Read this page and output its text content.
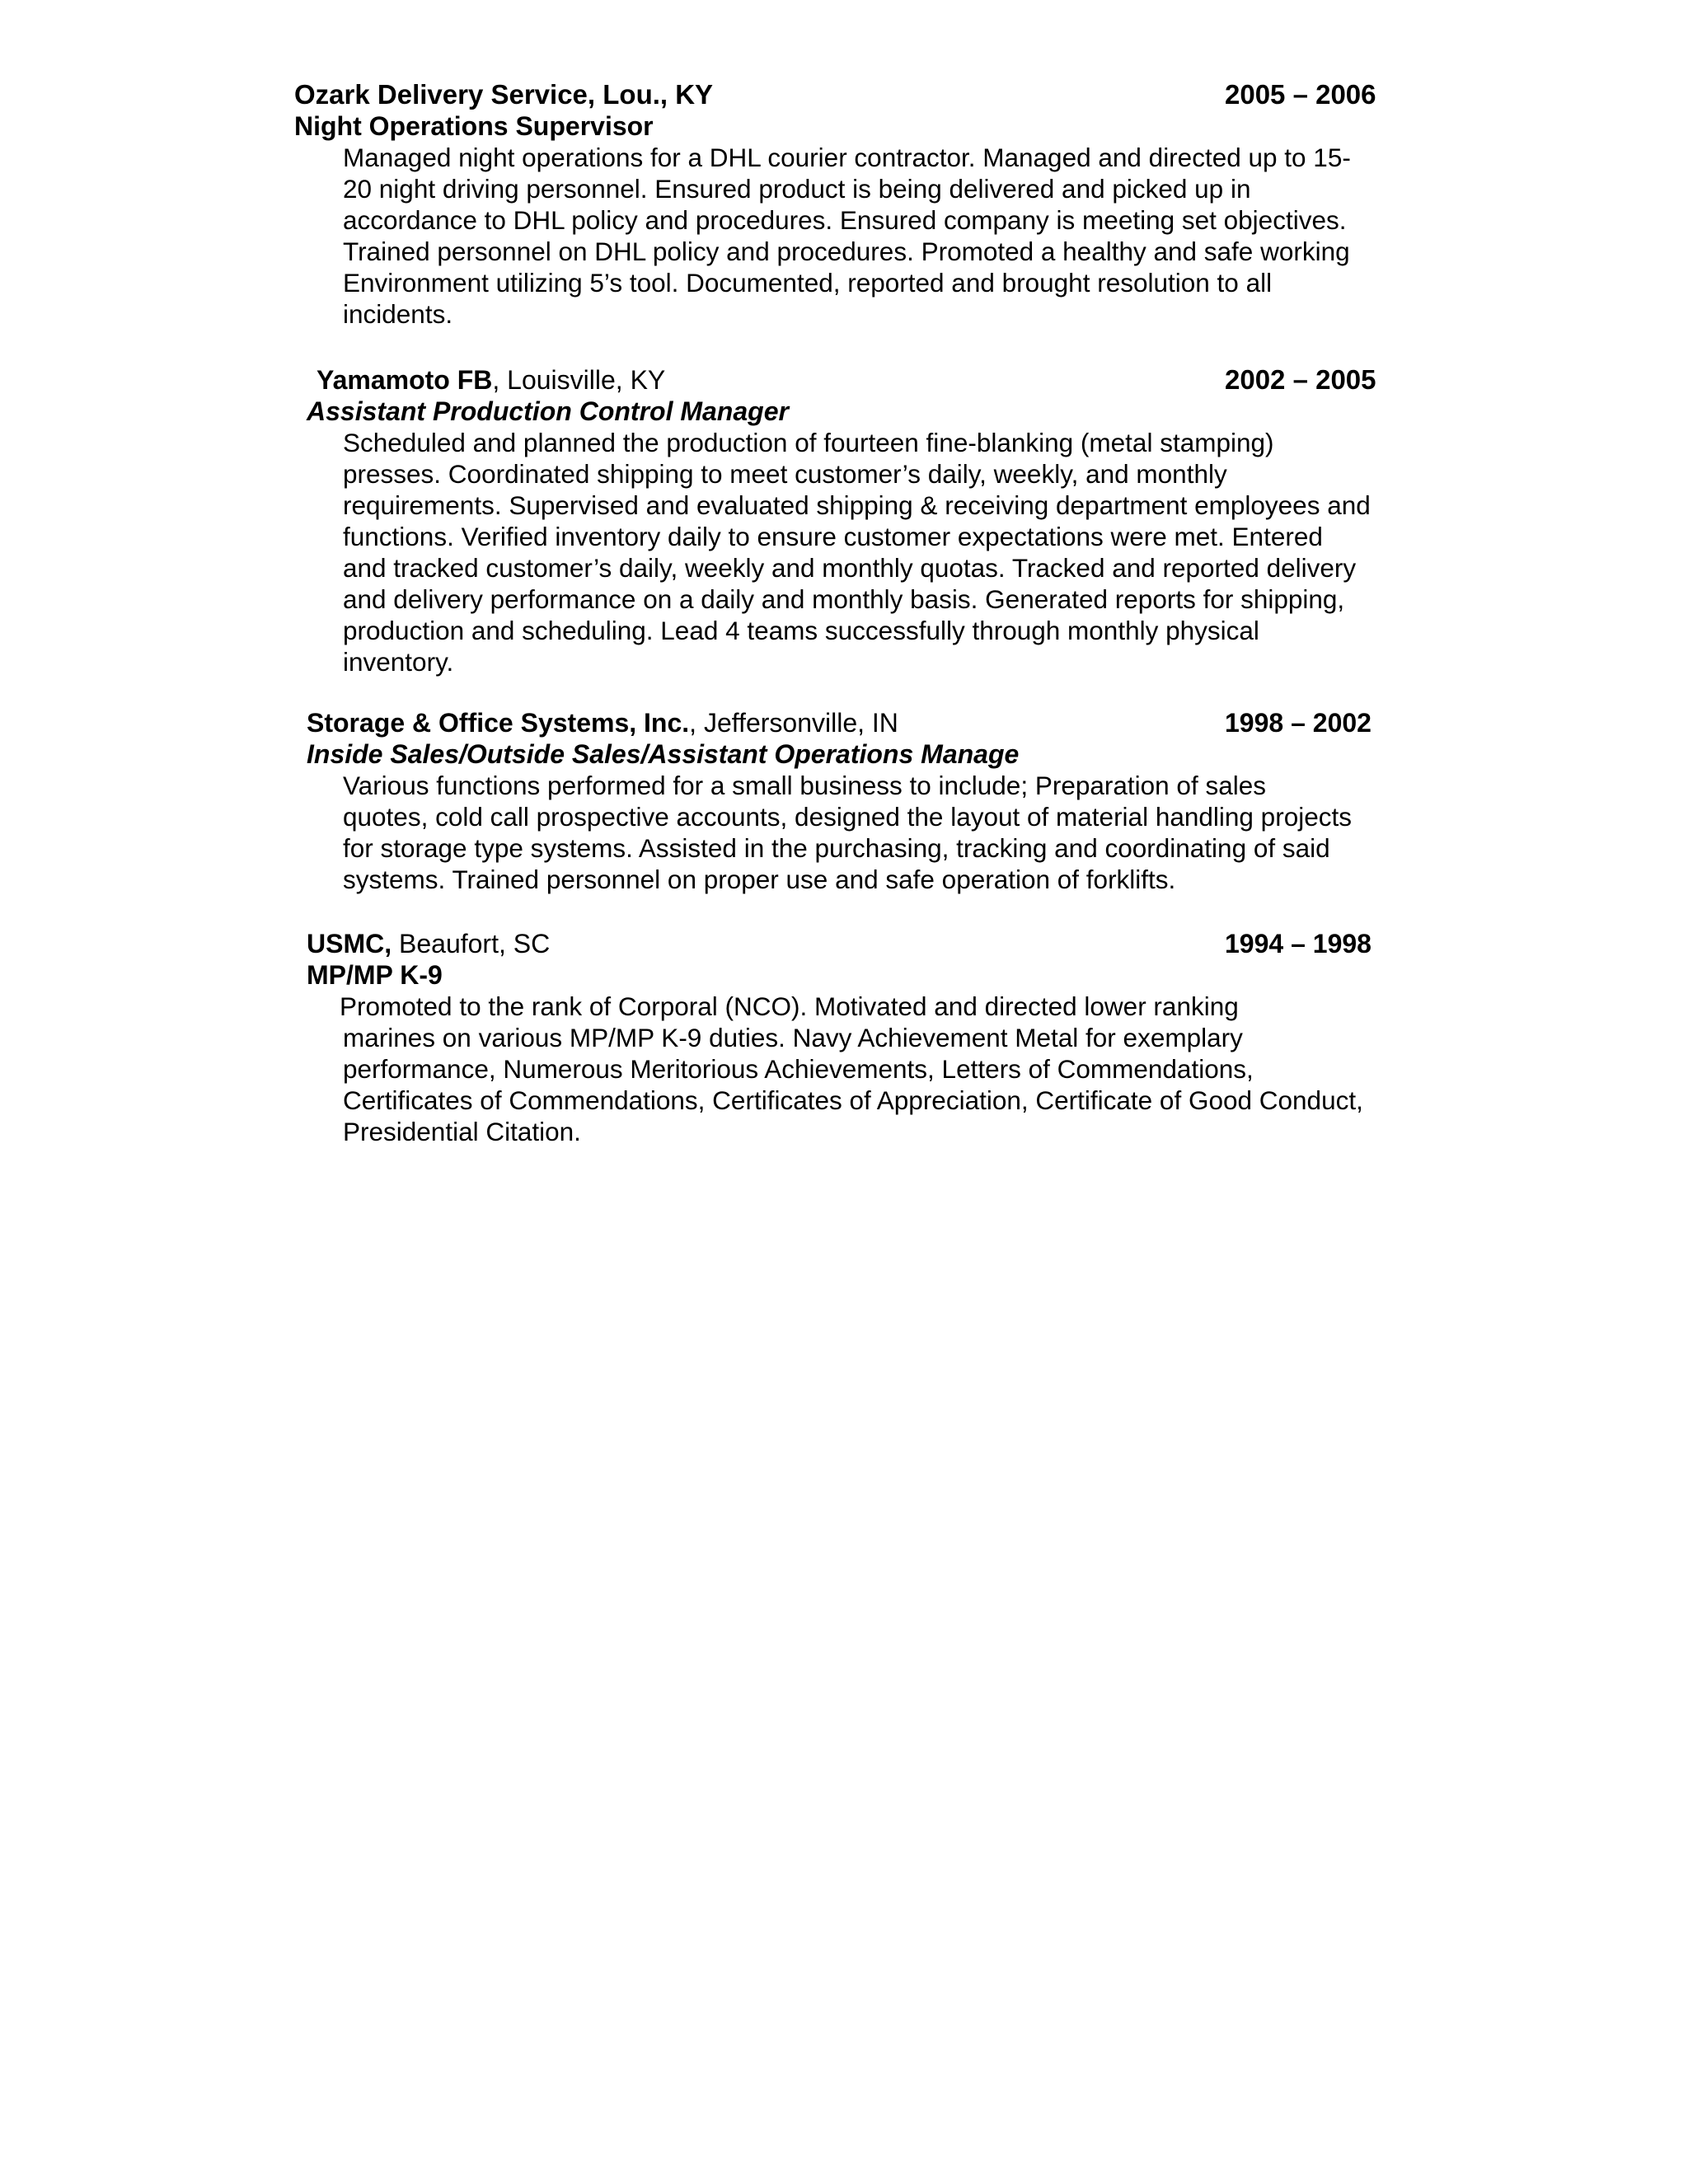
Ozark Delivery Service, Lou., KY	2005 – 2006
Night Operations Supervisor
Managed night operations for a DHL courier contractor. Managed and directed up to 15-
20 night driving personnel. Ensured product is being delivered and picked up in
accordance to DHL policy and procedures. Ensured company is meeting set objectives.
Trained personnel on DHL policy and procedures. Promoted a healthy and safe working
Environment utilizing 5’s tool. Documented, reported and brought resolution to all
incidents.
Yamamoto FB, Louisville, KY	2002 – 2005
Assistant Production Control Manager
Scheduled and planned the production of fourteen fine-blanking (metal stamping)
presses. Coordinated shipping to meet customer’s daily, weekly, and monthly
requirements. Supervised and evaluated shipping & receiving department employees and
functions. Verified inventory daily to ensure customer expectations were met. Entered
and tracked customer’s daily, weekly and monthly quotas. Tracked and reported delivery
and delivery performance on a daily and monthly basis. Generated reports for shipping,
production and scheduling. Lead 4 teams successfully through monthly physical
inventory.
Storage & Office Systems, Inc., Jeffersonville, IN	1998 – 2002
Inside Sales/Outside Sales/Assistant Operations Manage
Various functions performed for a small business to include; Preparation of sales
quotes, cold call prospective accounts, designed the layout of material handling projects
for storage type systems. Assisted in the purchasing, tracking and coordinating of said
systems. Trained personnel on proper use and safe operation of forklifts.
USMC, Beaufort, SC	1994 – 1998
MP/MP K-9
Promoted to the rank of Corporal (NCO). Motivated and directed lower ranking
marines on various MP/MP K-9 duties. Navy Achievement Metal for exemplary
performance, Numerous Meritorious Achievements, Letters of Commendations,
Certificates of Commendations, Certificates of Appreciation, Certificate of Good Conduct,
Presidential Citation.
